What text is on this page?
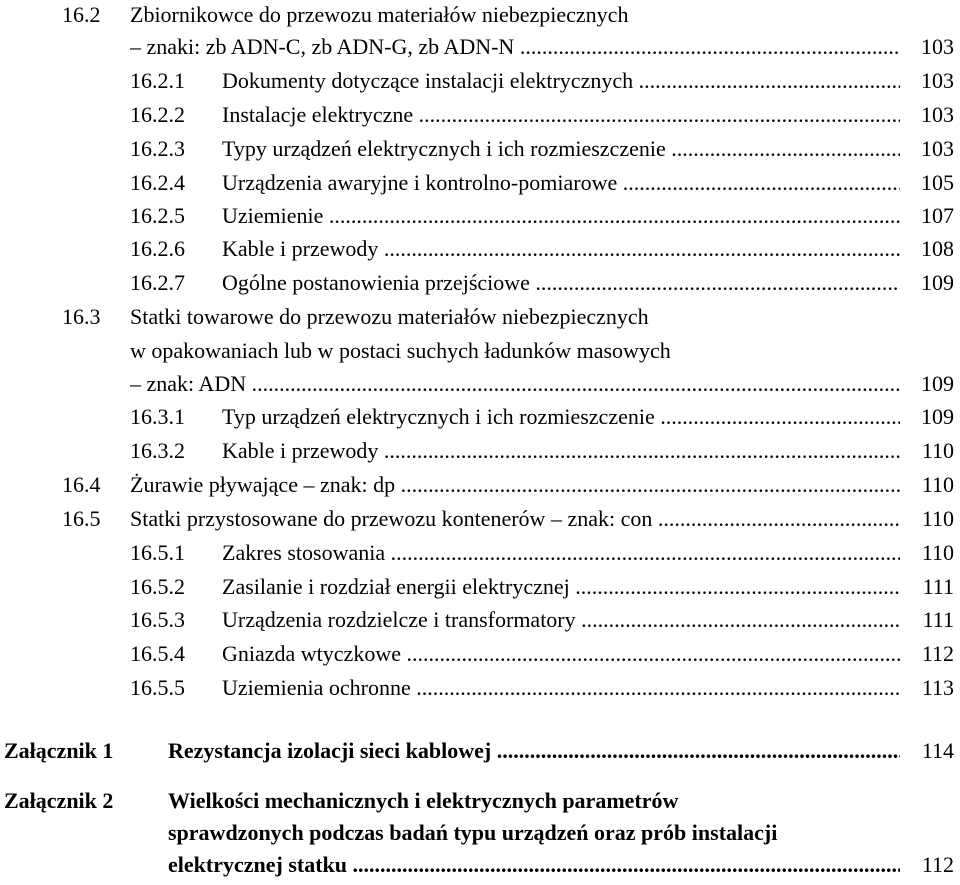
16.2 Zbiornikowce do przewozu materiałów niebezpiecznych
– znaki: zb ADN-C, zb ADN-G, zb ADN-N .....	103
16.2.1 Dokumenty dotyczące instalacji elektrycznych .....	103
16.2.2 Instalacje elektryczne .....	103
16.2.3 Typy urządzeń elektrycznych i ich rozmieszczenie .....	103
16.2.4 Urządzenia awaryjne i kontrolno-pomiarowe .....	105
16.2.5 Uziemienie .....	107
16.2.6 Kable i przewody .....	108
16.2.7 Ogólne postanowienia przejściowe .....	109
16.3 Statki towarowe do przewozu materiałów niebezpiecznych
w opakowaniach lub w postaci suchych ładunków masowych
– znak: ADN .....	109
16.3.1 Typ urządzeń elektrycznych i ich rozmieszczenie .....	109
16.3.2 Kable i przewody .....	110
16.4 Żurawie pływające – znak: dp .....	110
16.5 Statki przystosowane do przewozu kontenerów – znak: con .....	110
16.5.1 Zakres stosowania .....	110
16.5.2 Zasilanie i rozdział energii elektrycznej .....	111
16.5.3 Urządzenia rozdzielcze i transformatory .....	111
16.5.4 Gniazda wtyczkowe .....	112
16.5.5 Uziemienia ochronne .....	113
Załącznik 1 Rezystancja izolacji sieci kablowej .....	114
Załącznik 2 Wielkości mechanicznych i elektrycznych parametrów
sprawdzonych podczas badań typu urządzeń oraz prób instalacji
elektrycznej statku .....	112
